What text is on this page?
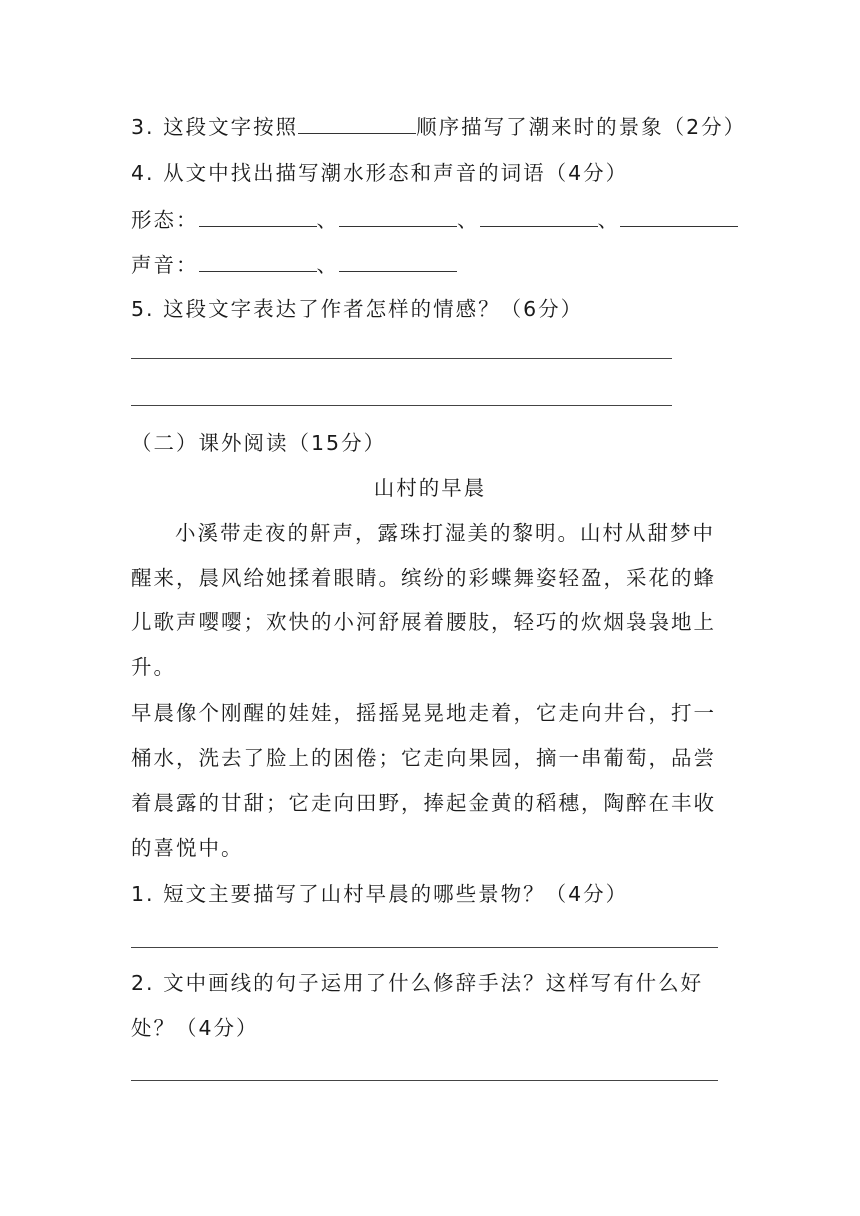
3. 这段文字按照	顺序描写了潮来时的景象（2分）
4. 从文中找出描写潮水形态和声音的词语（4分）
形态：	、	、	、
声音：	、
5. 这段文字表达了作者怎样的情感？（6分）
（二）课外阅读（15分）
山村的早晨
小溪带走夜的鼾声，露珠打湿美的黎明。山村从甜梦中
醒来，晨风给她揉着眼睛。缤纷的彩蝶舞姿轻盈，采花的蜂
儿歌声嘤嘤；欢快的小河舒展着腰肢，轻巧的炊烟袅袅地上
升。
早晨像个刚醒的娃娃，摇摇晃晃地走着，它走向井台，打一
桶水，洗去了脸上的困倦；它走向果园，摘一串葡萄，品尝
着晨露的甘甜；它走向田野，捧起金黄的稻穗，陶醉在丰收
的喜悦中。
1. 短文主要描写了山村早晨的哪些景物？（4分）
2. 文中画线的句子运用了什么修辞手法？这样写有什么好
处？（4分）
